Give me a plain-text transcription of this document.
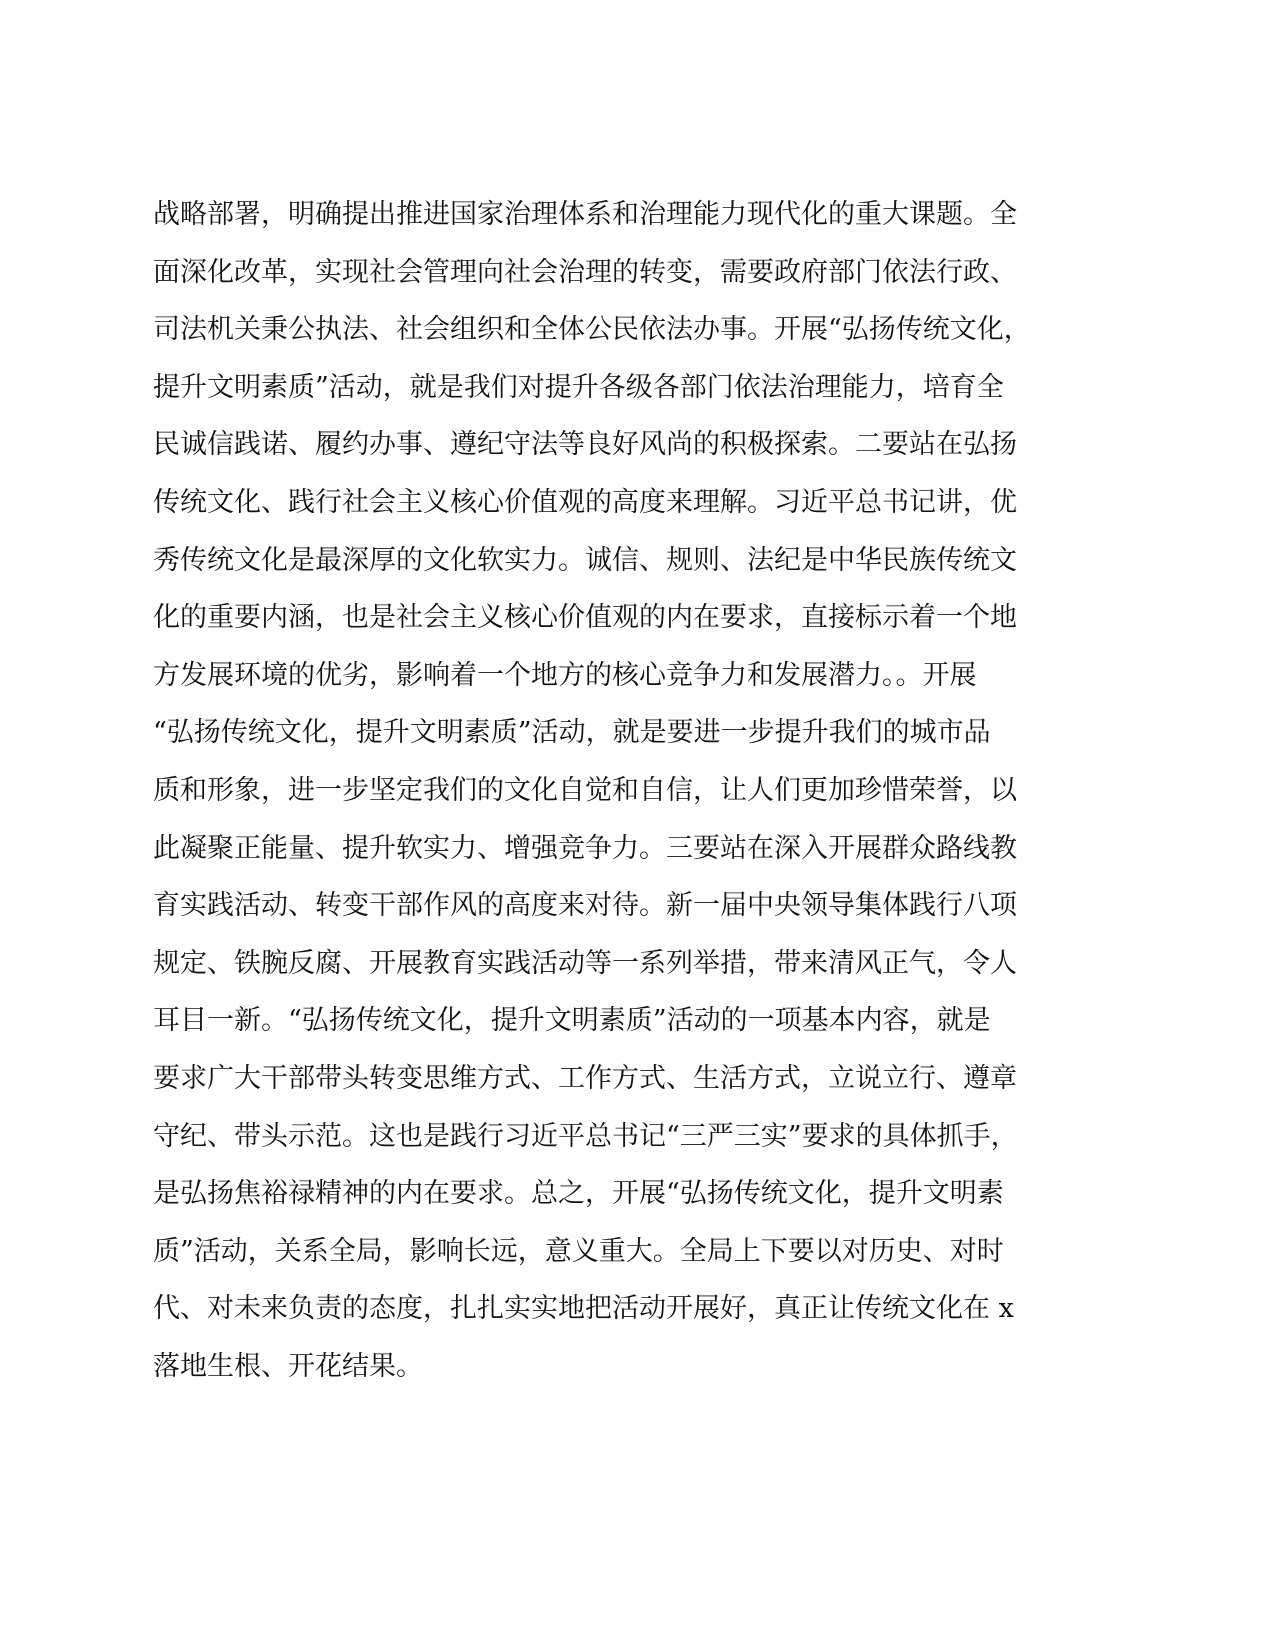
战略部署，明确提出推进国家治理体系和治理能力现代化的重大课题。全
面深化改革，实现社会管理向社会治理的转变，需要政府部门依法行政、
司法机关秉公执法、社会组织和全体公民依法办事。开展“弘扬传统文化，
提升文明素质”活动，就是我们对提升各级各部门依法治理能力，培育全
民诚信践诺、履约办事、遵纪守法等良好风尚的积极探索。二要站在弘扬
传统文化、践行社会主义核心价值观的高度来理解。习近平总书记讲，优
秀传统文化是最深厚的文化软实力。诚信、规则、法纪是中华民族传统文
化的重要内涵，也是社会主义核心价值观的内在要求，直接标示着一个地
方发展环境的优劣，影响着一个地方的核心竞争力和发展潜力。。开展
“弘扬传统文化，提升文明素质”活动，就是要进一步提升我们的城市品
质和形象，进一步坚定我们的文化自觉和自信，让人们更加珍惜荣誉，以
此凝聚正能量、提升软实力、增强竞争力。三要站在深入开展群众路线教
育实践活动、转变干部作风的高度来对待。新一届中央领导集体践行八项
规定、铁腕反腐、开展教育实践活动等一系列举措，带来清风正气，令人
耳目一新。“弘扬传统文化，提升文明素质”活动的一项基本内容，就是
要求广大干部带头转变思维方式、工作方式、生活方式，立说立行、遵章
守纪、带头示范。这也是践行习近平总书记“三严三实”要求的具体抓手，
是弘扬焦裕禄精神的内在要求。总之，开展“弘扬传统文化，提升文明素
质”活动，关系全局，影响长远，意义重大。全局上下要以对历史、对时
代、对未来负责的态度，扎扎实实地把活动开展好，真正让传统文化在 x
落地生根、开花结果。
